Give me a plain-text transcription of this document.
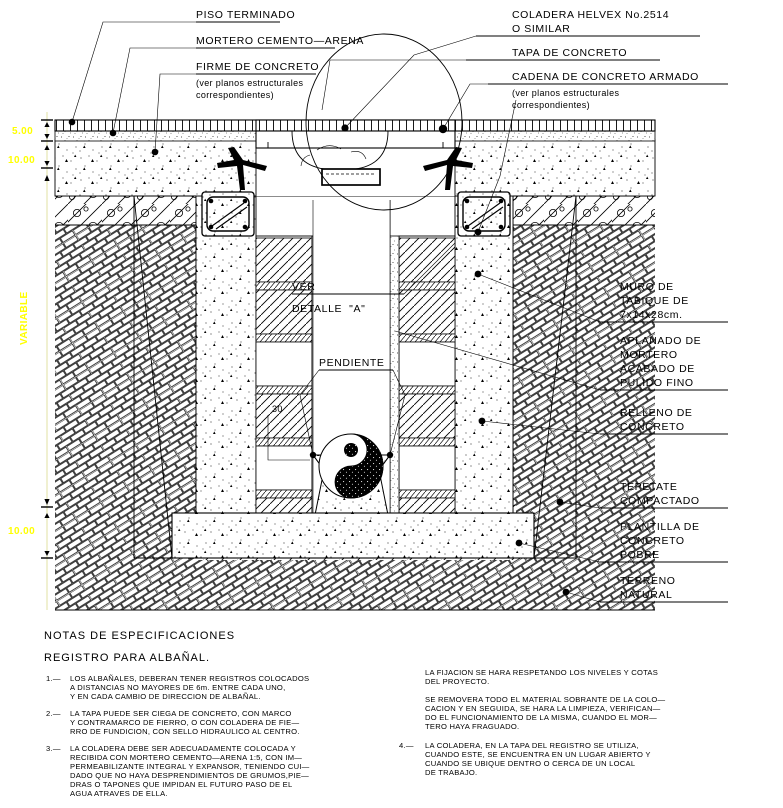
VER
DETALLE  "A"
PENDIENTE
30
PISO TERMINADO
MORTERO CEMENTO—ARENA
FIRME DE CONCRETO
(ver planos estructurales
correspondientes)
COLADERA HELVEX No.2514
O SIMILAR
TAPA DE CONCRETO
CADENA DE CONCRETO ARMADO
(ver planos estructurales
correspondientes)
MURO DE
TABIQUE DE
7x14x28cm.
APLANADO DE
MORTERO
ACABADO DE
PULIDO FINO
RELLENO DE
CONCRETO
TEPETATE
COMPACTADO
PLANTILLA DE
CONCRETO
POBRE
TERRENO
NATURAL
5.00
10.00
VARIABLE
10.00
NOTAS DE ESPECIFICACIONES
REGISTRO PARA ALBAÑAL.
1.— LOS ALBAÑALES, DEBERAN TENER REGISTROS COLOCADOS
A DISTANCIAS NO MAYORES DE 6m. ENTRE CADA UNO,
Y EN CADA CAMBIO DE DIRECCION DE ALBAÑAL.
2.— LA TAPA PUEDE SER CIEGA DE CONCRETO, CON MARCO
Y CONTRAMARCO DE FIERRO, O CON COLADERA DE FIE—
RRO DE FUNDICION, CON SELLO HIDRAULICO AL CENTRO.
3.— LA COLADERA DEBE SER ADECUADAMENTE COLOCADA Y
RECIBIDA CON MORTERO CEMENTO—ARENA 1:5, CON IM—
PERMEABILIZANTE INTEGRAL Y EXPANSOR, TENIENDO CUI—
DADO QUE NO HAYA DESPRENDIMIENTOS DE GRUMOS,PIE—
DRAS O TAPONES QUE IMPIDAN EL FUTURO PASO DE EL
AGUA ATRAVES DE ELLA.
LA FIJACION SE HARA RESPETANDO LOS NIVELES Y COTAS
DEL PROYECTO.
SE REMOVERA TODO EL MATERIAL SOBRANTE DE LA COLO—
CACION Y EN SEGUIDA, SE HARA LA LIMPIEZA, VERIFICAN—
DO EL FUNCIONAMIENTO DE LA MISMA, CUANDO EL MOR—
TERO HAYA FRAGUADO.
4.— LA COLADERA, EN LA TAPA DEL REGISTRO SE UTILIZA,
CUANDO ESTE, SE ENCUENTRA EN UN LUGAR ABIERTO Y
CUANDO SE UBIQUE DENTRO O CERCA DE UN LOCAL
DE TRABAJO.
